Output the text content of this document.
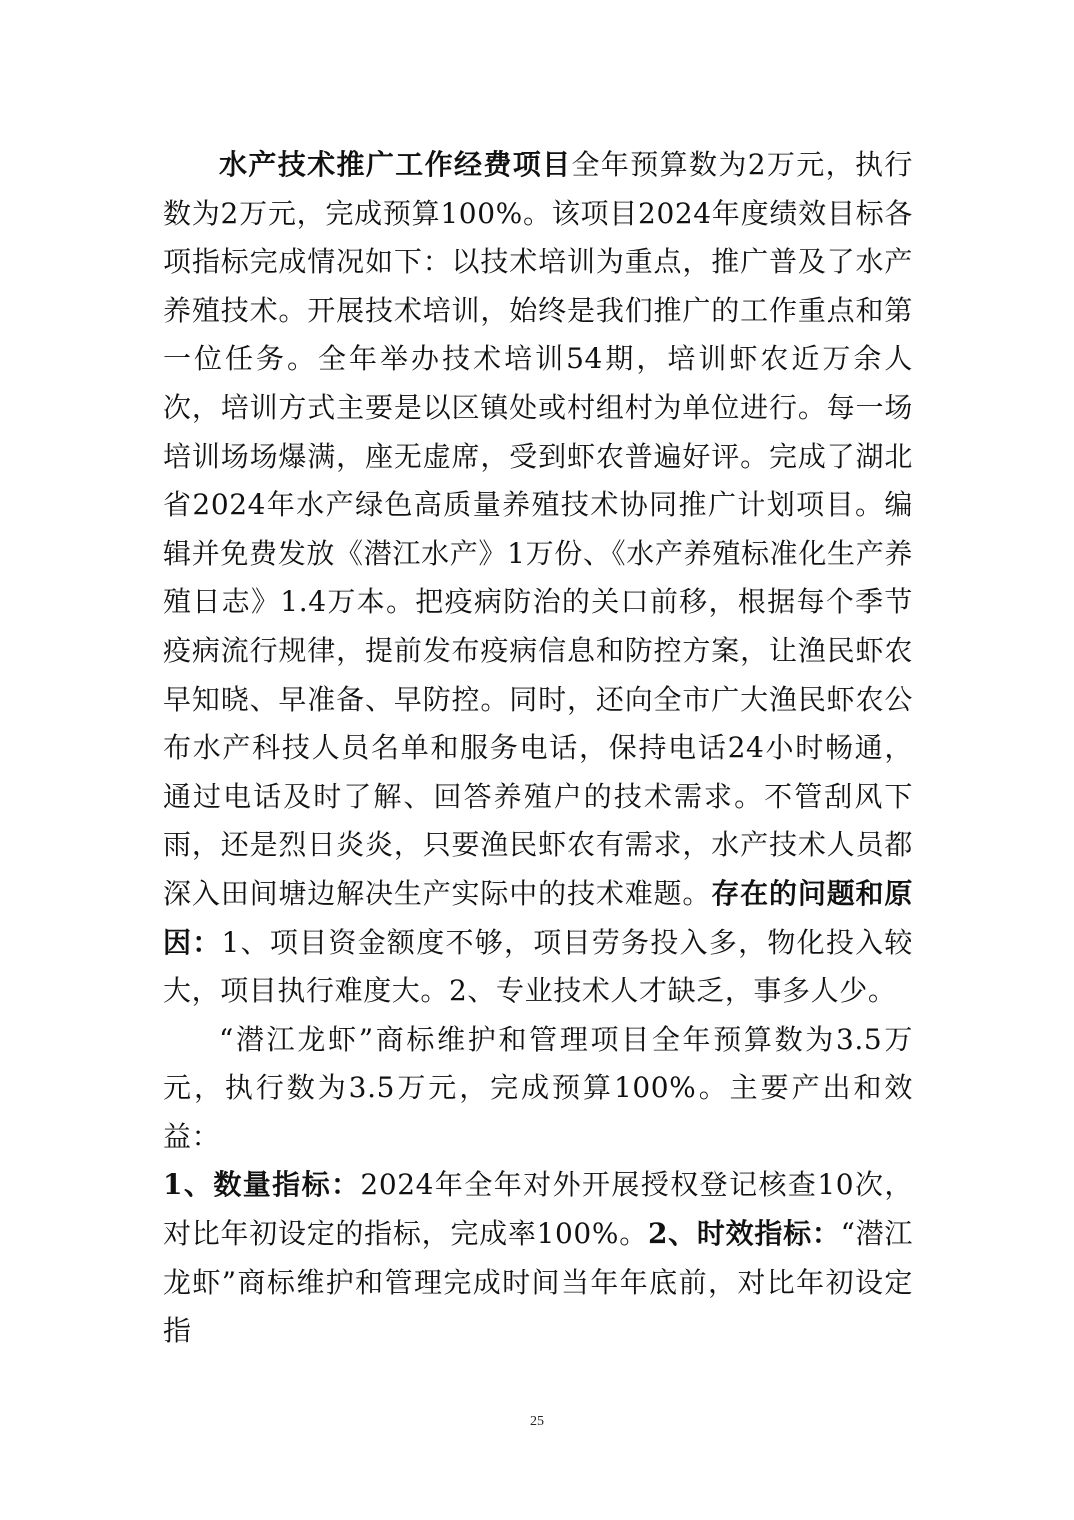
水产技术推广工作经费项目全年预算数为2万元，执行数为2万元，完成预算100%。该项目2024年度绩效目标各项指标完成情况如下：以技术培训为重点，推广普及了水产养殖技术。开展技术培训，始终是我们推广的工作重点和第一位任务。全年举办技术培训54期，培训虾农近万余人次，培训方式主要是以区镇处或村组村为单位进行。每一场培训场场爆满，座无虚席，受到虾农普遍好评。完成了湖北省2024年水产绿色高质量养殖技术协同推广计划项目。编辑并免费发放《潜江水产》1万份、《水产养殖标准化生产养殖日志》1.4万本。把疫病防治的关口前移，根据每个季节疫病流行规律，提前发布疫病信息和防控方案，让渔民虾农早知晓、早准备、早防控。同时，还向全市广大渔民虾农公布水产科技人员名单和服务电话，保持电话24小时畅通，通过电话及时了解、回答养殖户的技术需求。不管刮风下雨，还是烈日炎炎，只要渔民虾农有需求，水产技术人员都深入田间塘边解决生产实际中的技术难题。存在的问题和原因：1、项目资金额度不够，项目劳务投入多，物化投入较大，项目执行难度大。2、专业技术人才缺乏，事多人少。

“潜江龙虾”商标维护和管理项目全年预算数为3.5万元，执行数为3.5万元，完成预算100%。主要产出和效益：

1、数量指标：2024年全年对外开展授权登记核查10次，对比年初设定的指标，完成率100%。2、时效指标：“潜江龙虾”商标维护和管理完成时间当年年底前，对比年初设定指

25
